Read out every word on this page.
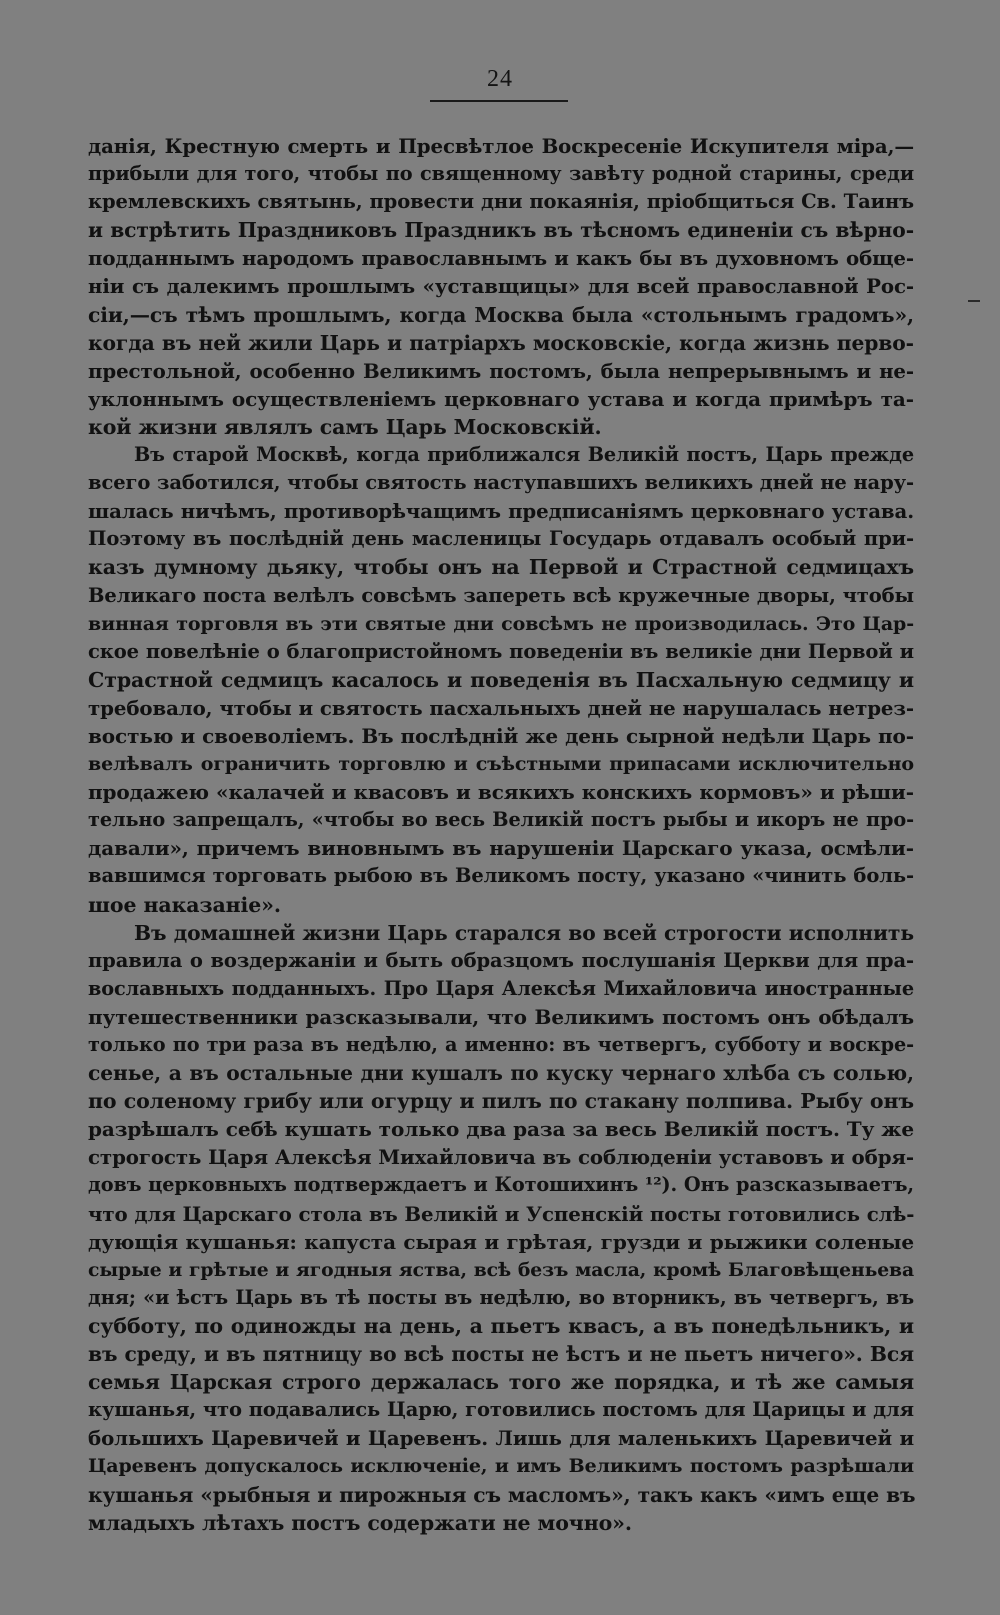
24
данія, Крестную смерть и Пресвѣтлое Воскресеніе Искупителя міра,—
прибыли для того, чтобы по священному завѣту родной старины, среди
кремлевскихъ святынь, провести дни покаянія, пріобщиться Св. Таинъ
и встрѣтить Праздниковъ Праздникъ въ тѣсномъ единеніи съ вѣрно-
подданнымъ народомъ православнымъ и какъ бы въ духовномъ обще-
ніи съ далекимъ прошлымъ «уставщицы» для всей православной Рос-
сіи,—съ тѣмъ прошлымъ, когда Москва была «стольнымъ градомъ»,
когда въ ней жили Царь и патріархъ московскіе, когда жизнь перво-
престольной, особенно Великимъ постомъ, была непрерывнымъ и не-
уклоннымъ осуществленіемъ церковнаго устава и когда примѣръ та-
кой жизни являлъ самъ Царь Московскій.
Въ старой Москвѣ, когда приближался Великій постъ, Царь прежде
всего заботился, чтобы святость наступавшихъ великихъ дней не нару-
шалась ничѣмъ, противорѣчащимъ предписаніямъ церковнаго устава.
Поэтому въ послѣдній день масленицы Государь отдавалъ особый при-
казъ думному дьяку, чтобы онъ на Первой и Страстной седмицахъ
Великаго поста велѣлъ совсѣмъ запереть всѣ кружечные дворы, чтобы
винная торговля въ эти святые дни совсѣмъ не производилась. Это Цар-
ское повелѣніе о благопристойномъ поведеніи въ великіе дни Первой и
Страстной седмицъ касалось и поведенія въ Пасхальную седмицу и
требовало, чтобы и святость пасхальныхъ дней не нарушалась нетрез-
востью и своеволіемъ. Въ послѣдній же день сырной недѣли Царь по-
велѣвалъ ограничить торговлю и съѣстными припасами исключительно
продажею «калачей и квасовъ и всякихъ конскихъ кормовъ» и рѣши-
тельно запрещалъ, «чтобы во весь Великій постъ рыбы и икоръ не про-
давали», причемъ виновнымъ въ нарушеніи Царскаго указа, осмѣли-
вавшимся торговать рыбою въ Великомъ посту, указано «чинить боль-
шое наказаніе».
Въ домашней жизни Царь старался во всей строгости исполнить
правила о воздержаніи и быть образцомъ послушанія Церкви для пра-
вославныхъ подданныхъ. Про Царя Алексѣя Михайловича иностранные
путешественники разсказывали, что Великимъ постомъ онъ обѣдалъ
только по три раза въ недѣлю, а именно: въ четвергъ, субботу и воскре-
сенье, а въ остальные дни кушалъ по куску чернаго хлѣба съ солью,
по соленому грибу или огурцу и пилъ по стакану полпива. Рыбу онъ
разрѣшалъ себѣ кушать только два раза за весь Великій постъ. Ту же
строгость Царя Алексѣя Михайловича въ соблюденіи уставовъ и обря-
довъ церковныхъ подтверждаетъ и Котошихинъ ¹²). Онъ разсказываетъ,
что для Царскаго стола въ Великій и Успенскій посты готовились слѣ-
дующія кушанья: капуста сырая и грѣтая, грузди и рыжики соленые
сырые и грѣтые и ягодныя яства, всѣ безъ масла, кромѣ Благовѣщеньева
дня; «и ѣстъ Царь въ тѣ посты въ недѣлю, во вторникъ, въ четвергъ, въ
субботу, по одиножды на день, а пьетъ квасъ, а въ понедѣльникъ, и
въ среду, и въ пятницу во всѣ посты не ѣстъ и не пьетъ ничего». Вся
семья Царская строго держалась того же порядка, и тѣ же самыя
кушанья, что подавались Царю, готовились постомъ для Царицы и для
большихъ Царевичей и Царевенъ. Лишь для маленькихъ Царевичей и
Царевенъ допускалось исключеніе, и имъ Великимъ постомъ разрѣшали
кушанья «рыбныя и пирожныя съ масломъ», такъ какъ «имъ еще въ
младыхъ лѣтахъ постъ содержати не мочно».
